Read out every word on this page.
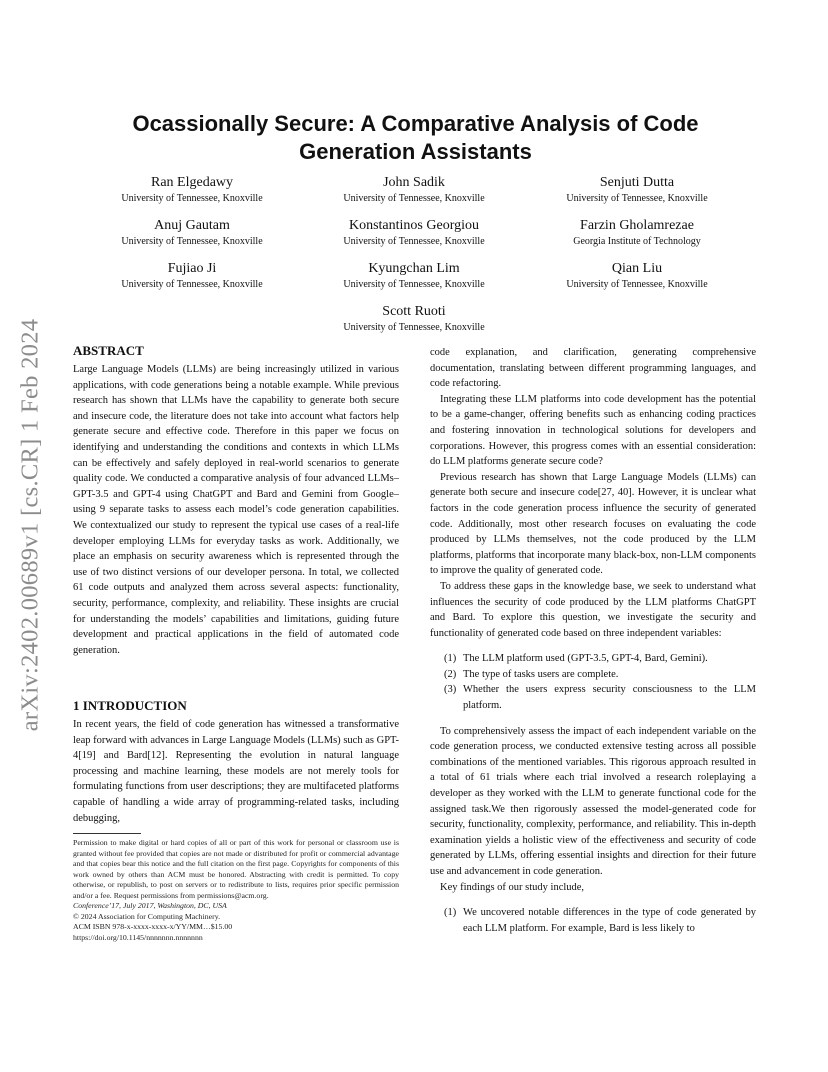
arXiv:2402.00689v1 [cs.CR] 1 Feb 2024
Ocassionally Secure: A Comparative Analysis of Code Generation Assistants
Ran Elgedawy
University of Tennessee, Knoxville
John Sadik
University of Tennessee, Knoxville
Senjuti Dutta
University of Tennessee, Knoxville
Anuj Gautam
University of Tennessee, Knoxville
Konstantinos Georgiou
University of Tennessee, Knoxville
Farzin Gholamrezae
Georgia Institute of Technology
Fujiao Ji
University of Tennessee, Knoxville
Kyungchan Lim
University of Tennessee, Knoxville
Qian Liu
University of Tennessee, Knoxville
Scott Ruoti
University of Tennessee, Knoxville
ABSTRACT

Large Language Models (LLMs) are being increasingly utilized in various applications, with code generations being a notable example. While previous research has shown that LLMs have the capability to generate both secure and insecure code, the literature does not take into account what factors help generate secure and effective code. Therefore in this paper we focus on identifying and understanding the conditions and contexts in which LLMs can be effectively and safely deployed in real-world scenarios to generate quality code. We conducted a comparative analysis of four advanced LLMs–GPT-3.5 and GPT-4 using ChatGPT and Bard and Gemini from Google–using 9 separate tasks to assess each model’s code generation capabilities. We contextualized our study to represent the typical use cases of a real-life developer employing LLMs for everyday tasks as work. Additionally, we place an emphasis on security awareness which is represented through the use of two distinct versions of our developer persona. In total, we collected 61 code outputs and analyzed them across several aspects: functionality, security, performance, complexity, and reliability. These insights are crucial for understanding the models’ capabilities and limitations, guiding future development and practical applications in the field of automated code generation.

1 INTRODUCTION

In recent years, the field of code generation has witnessed a transformative leap forward with advances in Large Language Models (LLMs) such as GPT-4[19] and Bard[12]. Representing the evolution in natural language processing and machine learning, these models are not merely tools for formulating functions from user descriptions; they are multifaceted platforms capable of handling a wide array of programming-related tasks, including debugging,

Permission to make digital or hard copies of all or part of this work for personal or classroom use is granted without fee provided that copies are not made or distributed for profit or commercial advantage and that copies bear this notice and the full citation on the first page. Copyrights for components of this work owned by others than ACM must be honored. Abstracting with credit is permitted. To copy otherwise, or republish, to post on servers or to redistribute to lists, requires prior specific permission and/or a fee. Request permissions from permissions@acm.org.

Conference’17, July 2017, Washington, DC, USA

© 2024 Association for Computing Machinery.

ACM ISBN 978-x-xxxx-xxxx-x/YY/MM…$15.00

https://doi.org/10.1145/nnnnnnn.nnnnnnn

code explanation, and clarification, generating comprehensive documentation, translating between different programming languages, and code refactoring.

Integrating these LLM platforms into code development has the potential to be a game-changer, offering benefits such as enhancing coding practices and fostering innovation in technological solutions for developers and corporations. However, this progress comes with an essential consideration: do LLM platforms generate secure code?

Previous research has shown that Large Language Models (LLMs) can generate both secure and insecure code[27, 40]. However, it is unclear what factors in the code generation process influence the security of generated code. Additionally, most other research focuses on evaluating the code produced by LLMs themselves, not the code produced by the LLM platforms, platforms that incorporate many black-box, non-LLM components to improve the quality of generated code.

To address these gaps in the knowledge base, we seek to understand what influences the security of code produced by the LLM platforms ChatGPT and Bard. To explore this question, we investigate the security and functionality of generated code based on three independent variables:

(1) The LLM platform used (GPT-3.5, GPT-4, Bard, Gemini).
(2) The type of tasks users are complete.
(3) Whether the users express security consciousness to the LLM platform.

To comprehensively assess the impact of each independent variable on the code generation process, we conducted extensive testing across all possible combinations of the mentioned variables. This rigorous approach resulted in a total of 61 trials where each trial involved a research roleplaying a developer as they worked with the LLM to generate functional code for the assigned task.We then rigorously assessed the model-generated code for security, functionality, complexity, performance, and reliability. This in-depth examination yields a holistic view of the effectiveness and security of code generated by LLMs, offering essential insights and direction for their future use and advancement in code generation.

Key findings of our study include,

(1) We uncovered notable differences in the type of code generated by each LLM platform. For example, Bard is less likely to
